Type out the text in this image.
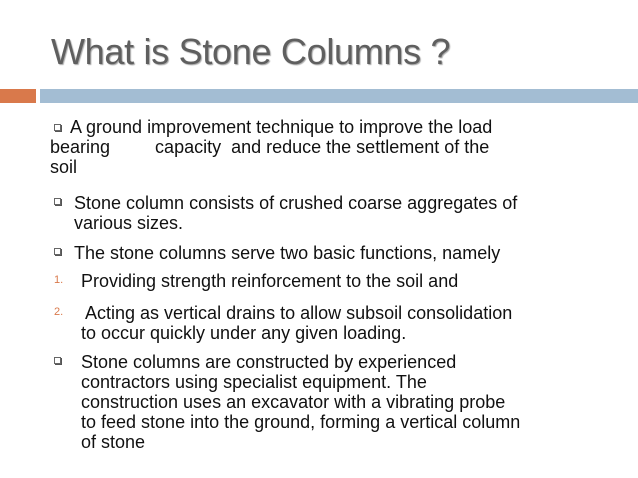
What is Stone Columns ?
A ground improvement technique to improve the load
bearing         capacity  and reduce the settlement of the
soil
Stone column consists of crushed coarse aggregates of
various sizes.
The stone columns serve two basic functions, namely
1. Providing strength reinforcement to the soil and
2. Acting as vertical drains to allow subsoil consolidation
to occur quickly under any given loading.
Stone columns are constructed by experienced
contractors using specialist equipment. The
construction uses an excavator with a vibrating probe
to feed stone into the ground, forming a vertical column
of stone
